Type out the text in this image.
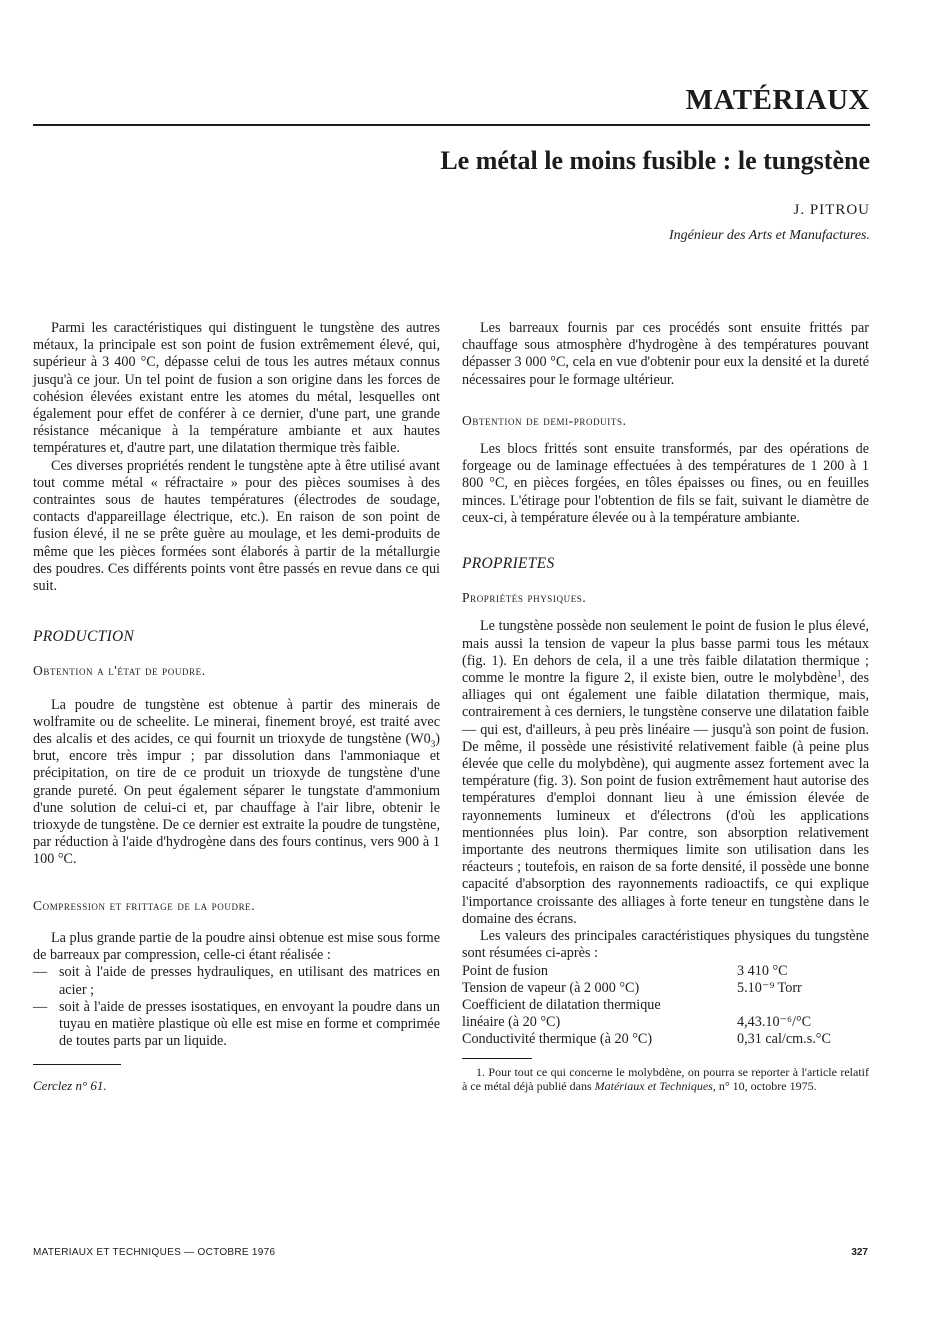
MATÉRIAUX
Le métal le moins fusible : le tungstène
J. PITROU
Ingénieur des Arts et Manufactures.

Parmi les caractéristiques qui distinguent le tungstène des autres métaux, la principale est son point de fusion extrêmement élevé, qui, supérieur à 3 400 °C, dépasse celui de tous les autres métaux connus jusqu'à ce jour. Un tel point de fusion a son origine dans les forces de cohésion élevées existant entre les atomes du métal, lesquelles ont également pour effet de conférer à ce dernier, d'une part, une grande résistance mécanique à la température ambiante et aux hautes températures et, d'autre part, une dilatation thermique très faible.

Ces diverses propriétés rendent le tungstène apte à être utilisé avant tout comme métal « réfractaire » pour des pièces soumises à des contraintes sous de hautes températures (électrodes de soudage, contacts d'appareillage électrique, etc.). En raison de son point de fusion élevé, il ne se prête guère au moulage, et les demi-produits de même que les pièces formées sont élaborés à partir de la métallurgie des poudres. Ces différents points vont être passés en revue dans ce qui suit.

PRODUCTION
Obtention a l'état de poudre.

La poudre de tungstène est obtenue à partir des minerais de wolframite ou de scheelite. Le minerai, finement broyé, est traité avec des alcalis et des acides, ce qui fournit un trioxyde de tungstène $(W0_3)$ brut, encore très impur ; par dissolution dans l'ammoniaque et précipitation, on tire de ce produit un trioxyde de tungstène d'une grande pureté. On peut également séparer le tungstate d'ammonium d'une solution de celui-ci et, par chauffage à l'air libre, obtenir le trioxyde de tungstène. De ce dernier est extraite la poudre de tungstène, par réduction à l'aide d'hydrogène dans des fours continus, vers 900 à 1 100 °C.

Compression et frittage de la poudre.

La plus grande partie de la poudre ainsi obtenue est mise sous forme de barreaux par compression, celle-ci étant réalisée :

— soit à l'aide de presses hydrauliques, en utilisant des matrices en acier ;
— soit à l'aide de presses isostatiques, en envoyant la poudre dans un tuyau en matière plastique où elle est mise en forme et comprimée de toutes parts par un liquide.
Cerclez n° 61.

Les barreaux fournis par ces procédés sont ensuite frittés par chauffage sous atmosphère d'hydrogène à des températures pouvant dépasser 3 000 °C, cela en vue d'obtenir pour eux la densité et la dureté nécessaires pour le formage ultérieur.

Obtention de demi-produits.

Les blocs frittés sont ensuite transformés, par des opérations de forgeage ou de laminage effectuées à des températures de 1 200 à 1 800 °C, en pièces forgées, en tôles épaisses ou fines, ou en feuilles minces. L'étirage pour l'obtention de fils se fait, suivant le diamètre de ceux-ci, à température élevée ou à la température ambiante.

PROPRIETES
Propriétés physiques.

Le tungstène possède non seulement le point de fusion le plus élevé, mais aussi la tension de vapeur la plus basse parmi tous les métaux (fig. 1). En dehors de cela, il a une très faible dilatation thermique ; comme le montre la figure 2, il existe bien, outre le molybdène$^1$, des alliages qui ont également une faible dilatation thermique, mais, contrairement à ces derniers, le tungstène conserve une dilatation faible — qui est, d'ailleurs, à peu près linéaire — jusqu'à son point de fusion. De même, il possède une résistivité relativement faible (à peine plus élevée que celle du molybdène), qui augmente assez fortement avec la température (fig. 3). Son point de fusion extrêmement haut autorise des températures d'emploi donnant lieu à une émission élevée de rayonnements lumineux et d'électrons (d'où les applications mentionnées plus loin). Par contre, son absorption relativement importante des neutrons thermiques limite son utilisation dans les réacteurs ; toutefois, en raison de sa forte densité, il possède une bonne capacité d'absorption des rayonnements radioactifs, ce qui explique l'importance croissante des alliages à forte teneur en tungstène dans le domaine des écrans.

Les valeurs des principales caractéristiques physiques du tungstène sont résumées ci-après :

Point de fusion	3 410 °C
Tension de vapeur (à 2 000 °C)	5.10⁻⁹ Torr
Coefficient de dilatation thermique	
linéaire (à 20 °C)	4,43.10⁻⁶/°C
Conductivité thermique (à 20 °C)	0,31 cal/cm.s.°C

1. Pour tout ce qui concerne le molybdène, on pourra se reporter à l'article relatif à ce métal déjà publié dans Matériaux et Techniques, n° 10, octobre 1975.

MATERIAUX ET TECHNIQUES — OCTOBRE 1976	327
